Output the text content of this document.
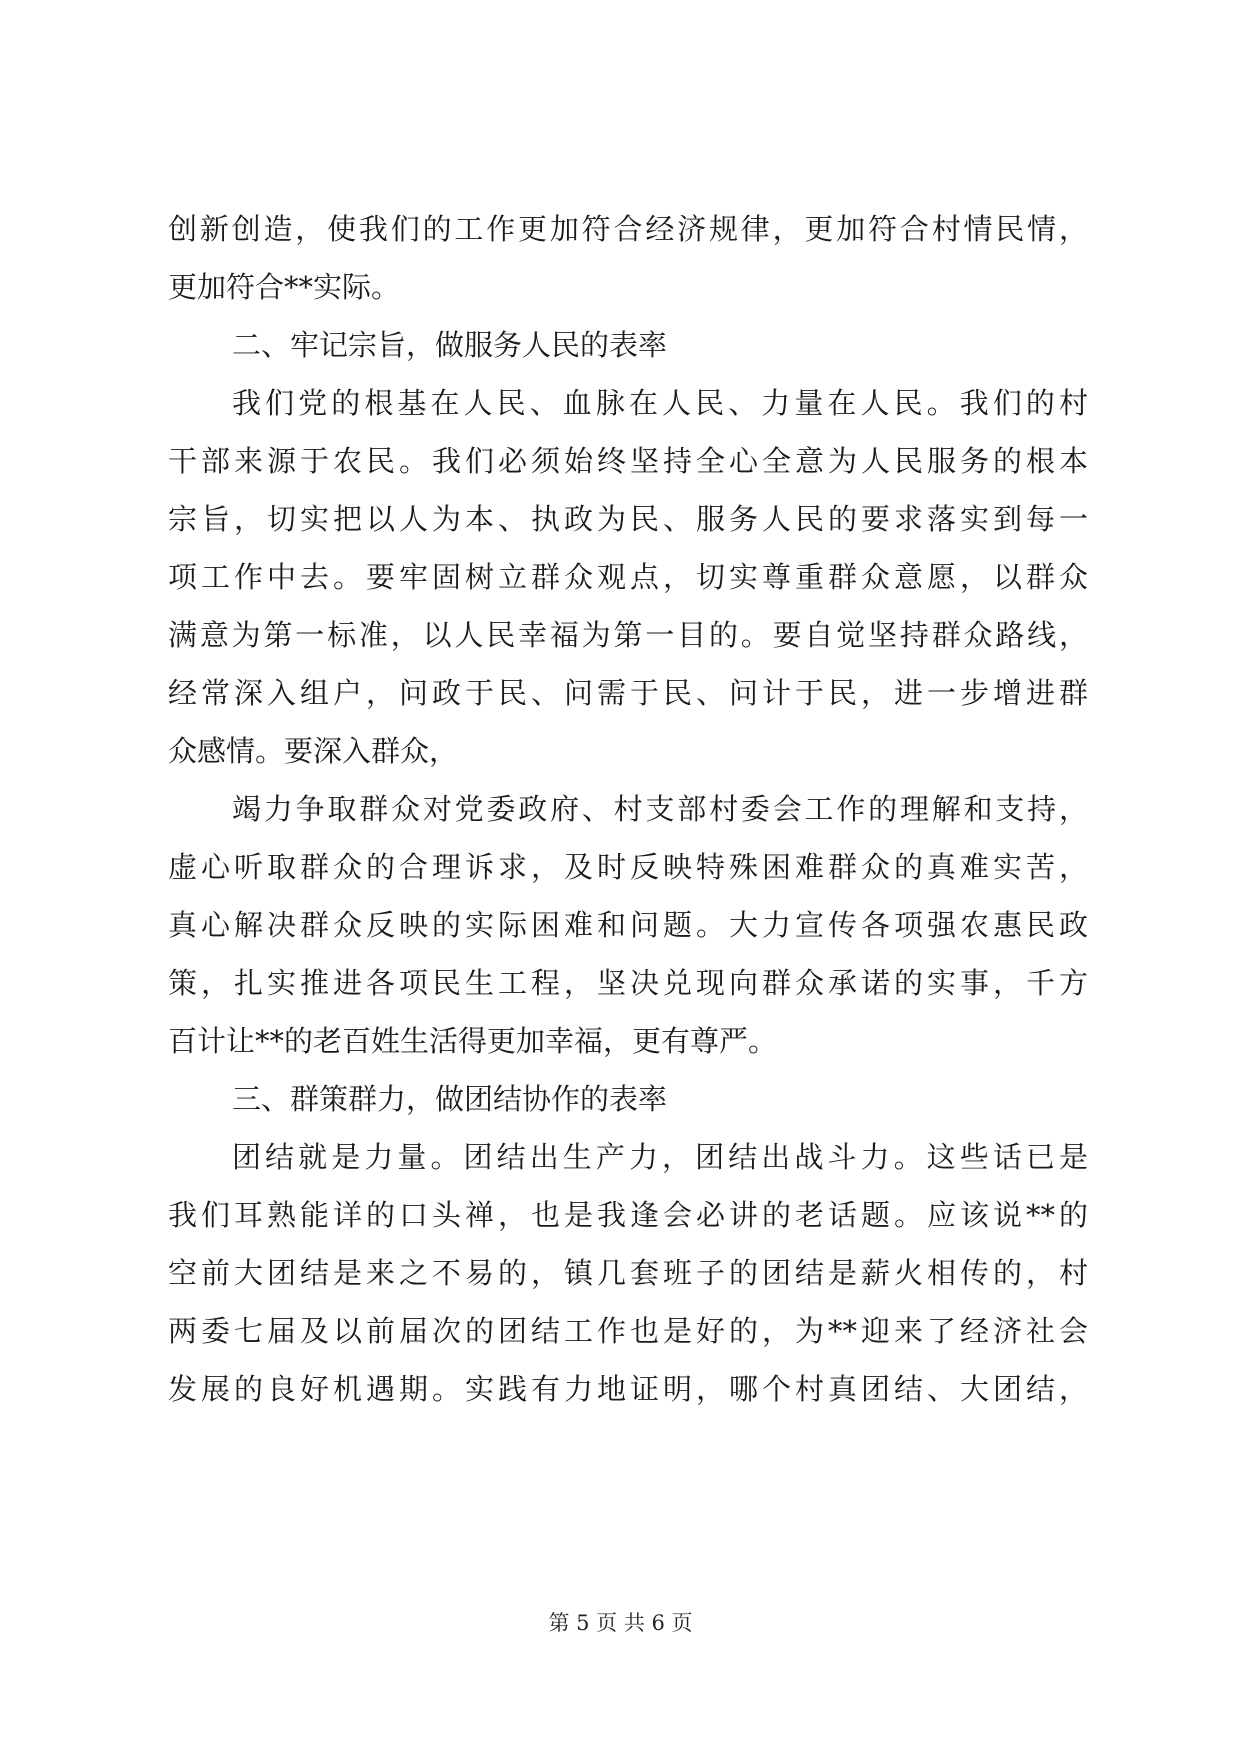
创新创造，使我们的工作更加符合经济规律，更加符合村情民情，
更加符合**实际。
二、牢记宗旨，做服务人民的表率
我们党的根基在人民、血脉在人民、力量在人民。我们的村
干部来源于农民。我们必须始终坚持全心全意为人民服务的根本
宗旨，切实把以人为本、执政为民、服务人民的要求落实到每一
项工作中去。要牢固树立群众观点，切实尊重群众意愿，以群众
满意为第一标准，以人民幸福为第一目的。要自觉坚持群众路线，
经常深入组户，问政于民、问需于民、问计于民，进一步增进群
众感情。要深入群众，
竭力争取群众对党委政府、村支部村委会工作的理解和支持，
虚心听取群众的合理诉求，及时反映特殊困难群众的真难实苦，
真心解决群众反映的实际困难和问题。大力宣传各项强农惠民政
策，扎实推进各项民生工程，坚决兑现向群众承诺的实事，千方
百计让**的老百姓生活得更加幸福，更有尊严。
三、群策群力，做团结协作的表率
团结就是力量。团结出生产力，团结出战斗力。这些话已是
我们耳熟能详的口头禅，也是我逢会必讲的老话题。应该说**的
空前大团结是来之不易的，镇几套班子的团结是薪火相传的，村
两委七届及以前届次的团结工作也是好的，为**迎来了经济社会
发展的良好机遇期。实践有力地证明，哪个村真团结、大团结，
第 5 页 共 6 页
